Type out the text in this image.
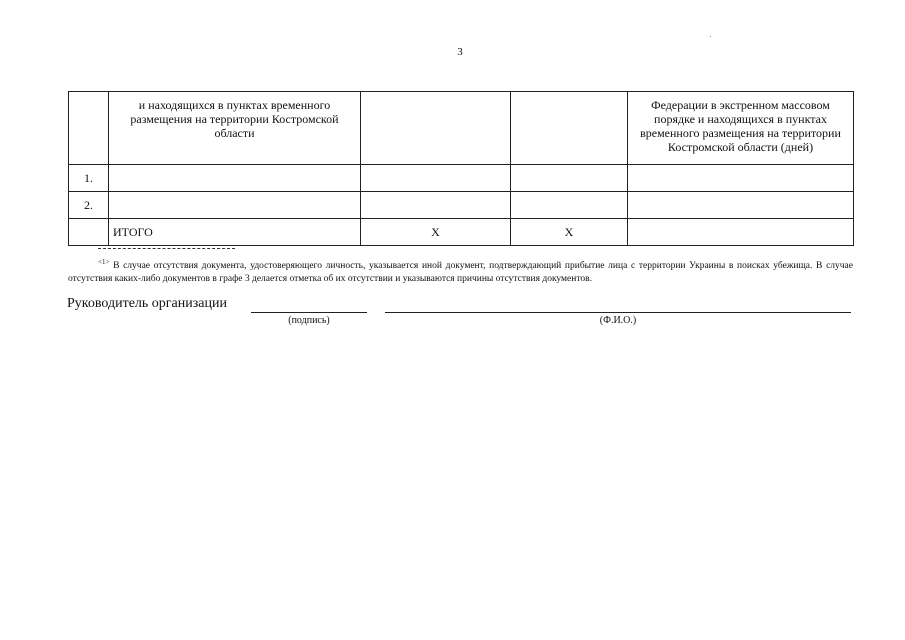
3
	и находящихся в пунктах временного размещения на территории Костромской области			Федерации в экстренном массовом порядке и находящихся в пунктах временного размещения на территории Костромской области (дней)
1.				
2.				
	ИТОГО	Х	Х	
$^{<1>}$ В случае отсутствия документа, удостоверяющего личность, указывается иной документ, подтверждающий прибытие лица с территории Украины в поисках убежища. В случае отсутствия каких-либо документов в графе 3 делается отметка об их отсутствии и указываются причины отсутствия документов.
Руководитель организации
(подпись)	(Ф.И.О.)
